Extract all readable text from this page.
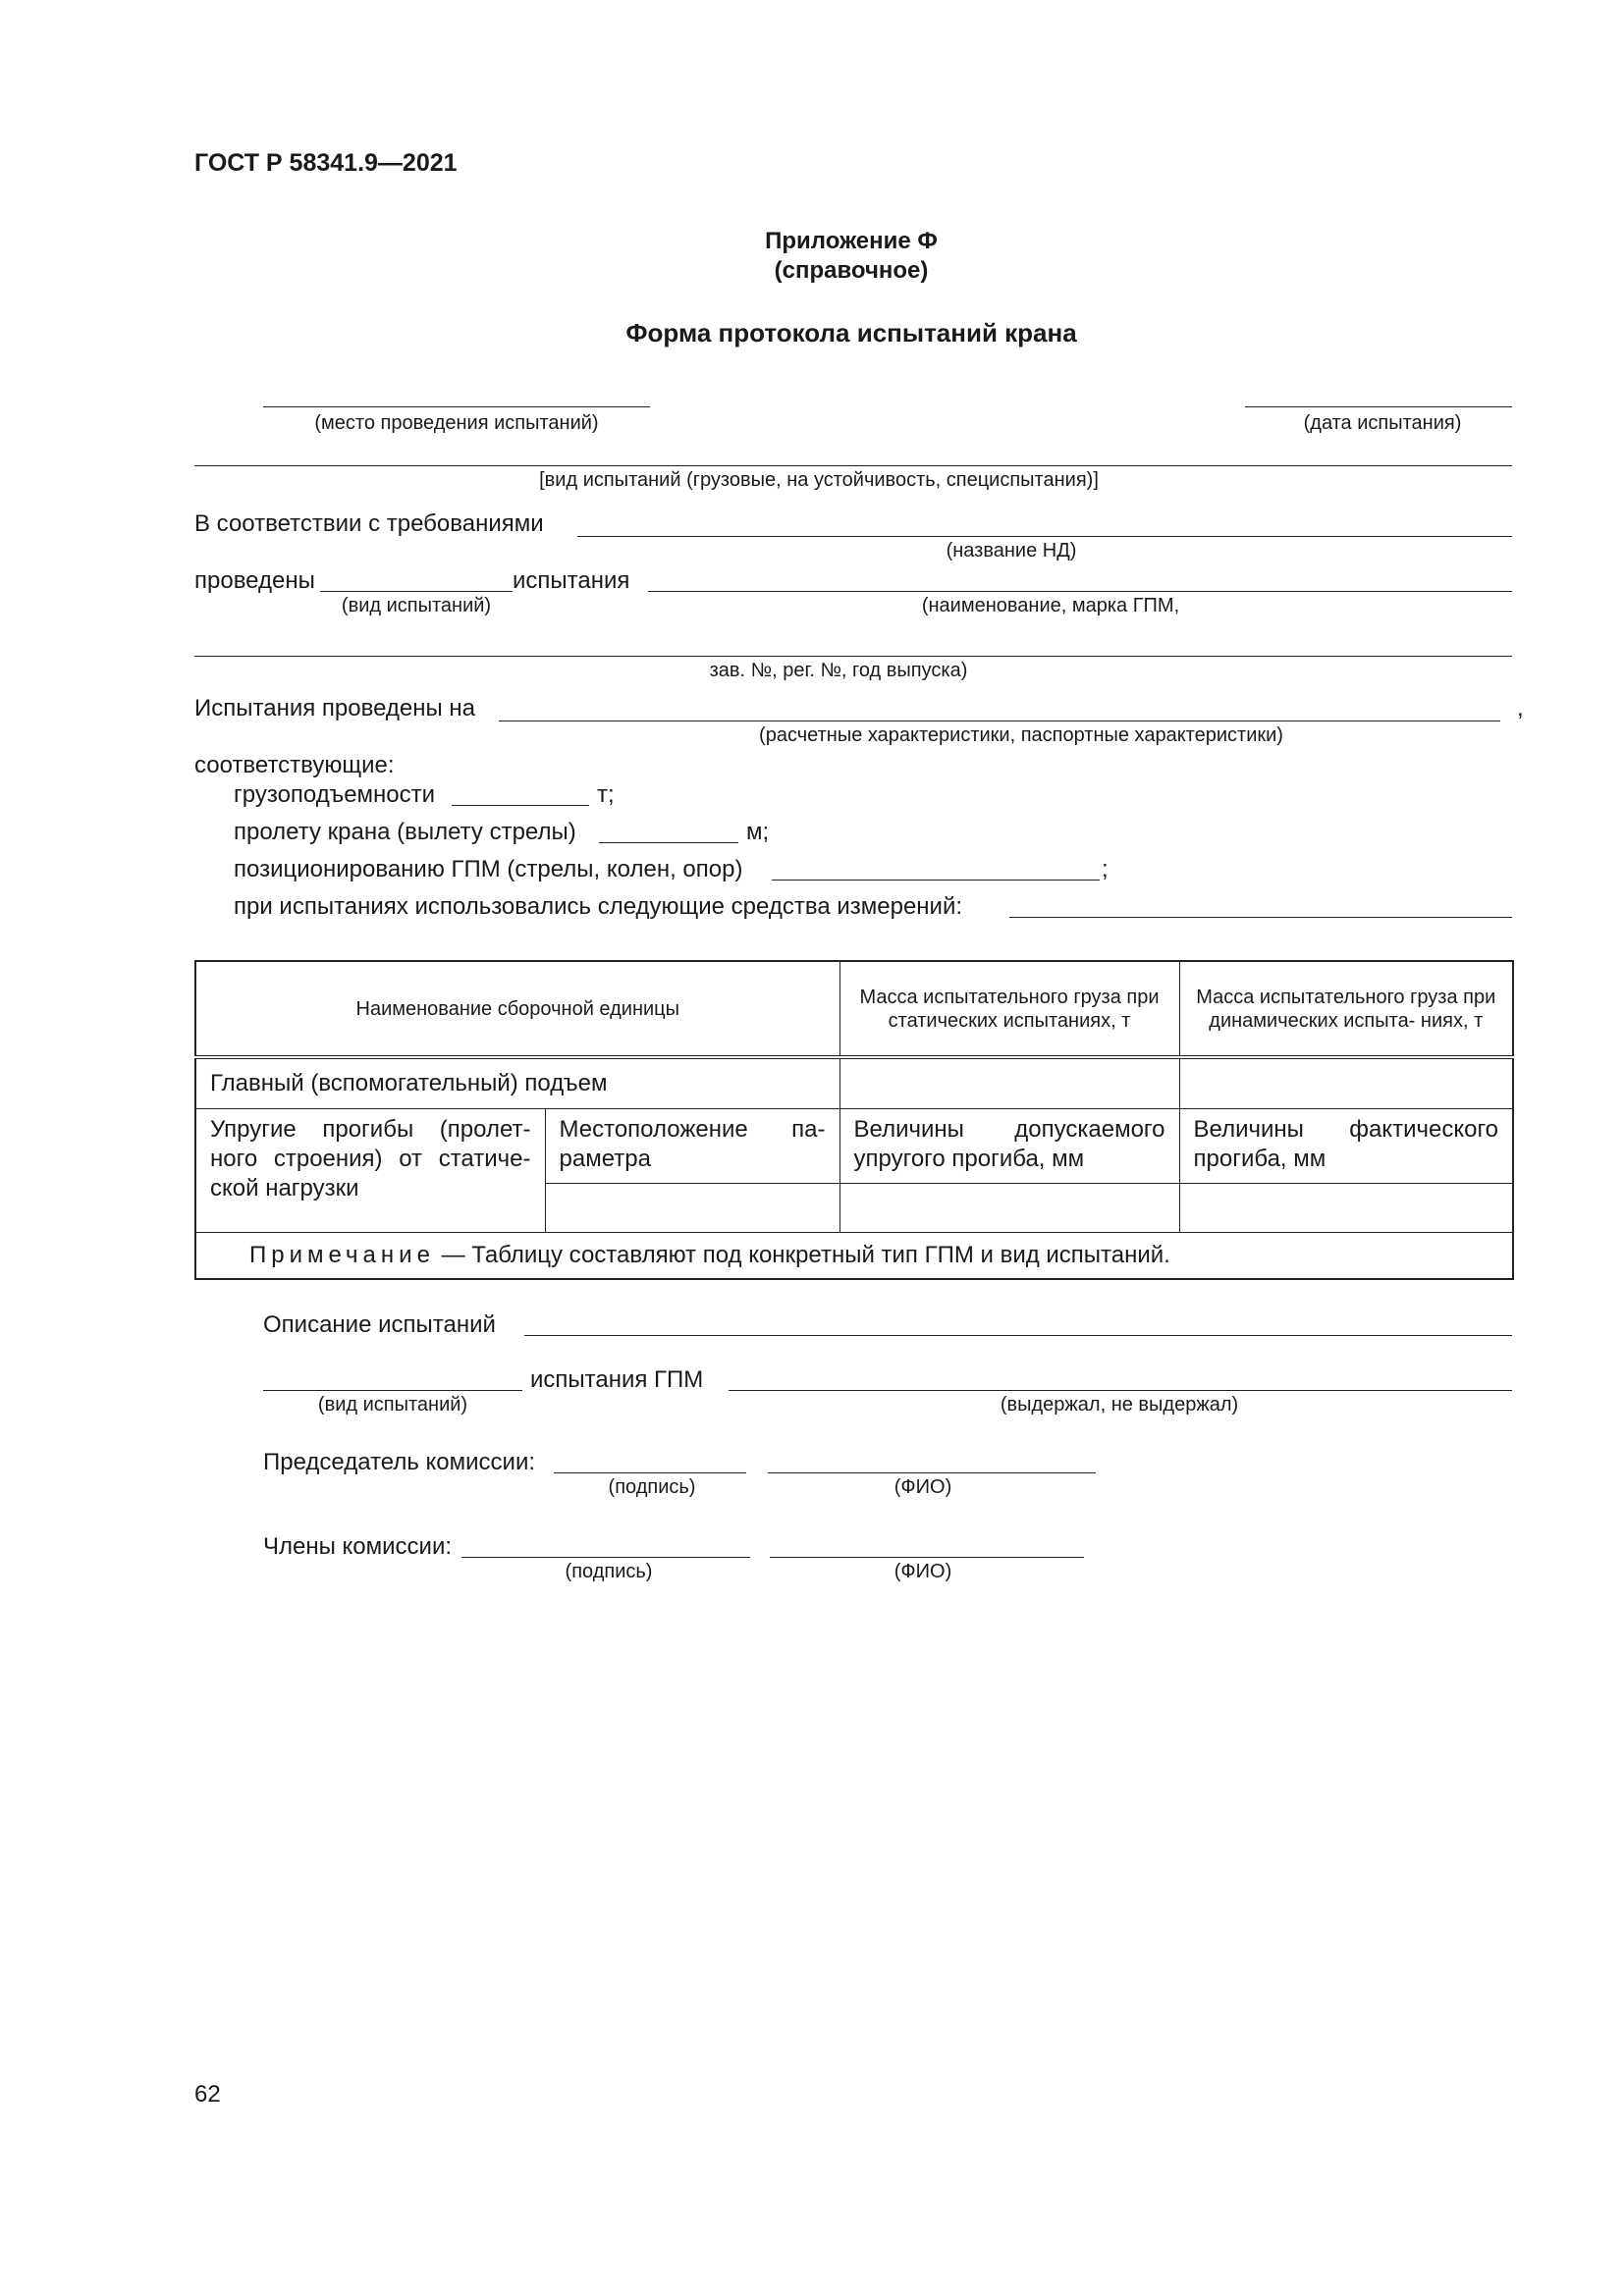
ГОСТ Р 58341.9—2021
Приложение Ф
(справочное)
Форма протокола испытаний крана
(место проведения испытаний)	(дата испытания)
[вид испытаний (грузовые, на устойчивость, специспытания)]
В соответствии с требованиями
(название НД)
проведены	испытания
(вид испытаний)	(наименование, марка ГПМ,
зав. №, рег. №, год выпуска)
Испытания проведены на	,
(расчетные характеристики, паспортные характеристики)
соответствующие:
грузоподъемности	т;
пролету крана (вылету стрелы)	м;
позиционированию ГПМ (стрелы, колен, опор)	;
при испытаниях использовались следующие средства измерений:
Наименование сборочной единицы		Масса испытательного груза при статических испытаниях, т	Масса испытательного груза при динамических испыта- ниях, т
Главный (вспомогательный) подъем			

Упругие прогибы (пролет- ного строения) от статиче- ской нагрузки	Местоположение па- раметра	Величины допускаемого упругого прогиба, мм	Величины фактического прогиба, мм

Примечание — Таблицу составляют под конкретный тип ГПМ и вид испытаний.			
Описание испытаний
испытания ГПМ
(вид испытаний)	(выдержал, не выдержал)
Председатель комиссии:
(подпись)	(ФИО)
Члены комиссии:
(подпись)	(ФИО)
62
